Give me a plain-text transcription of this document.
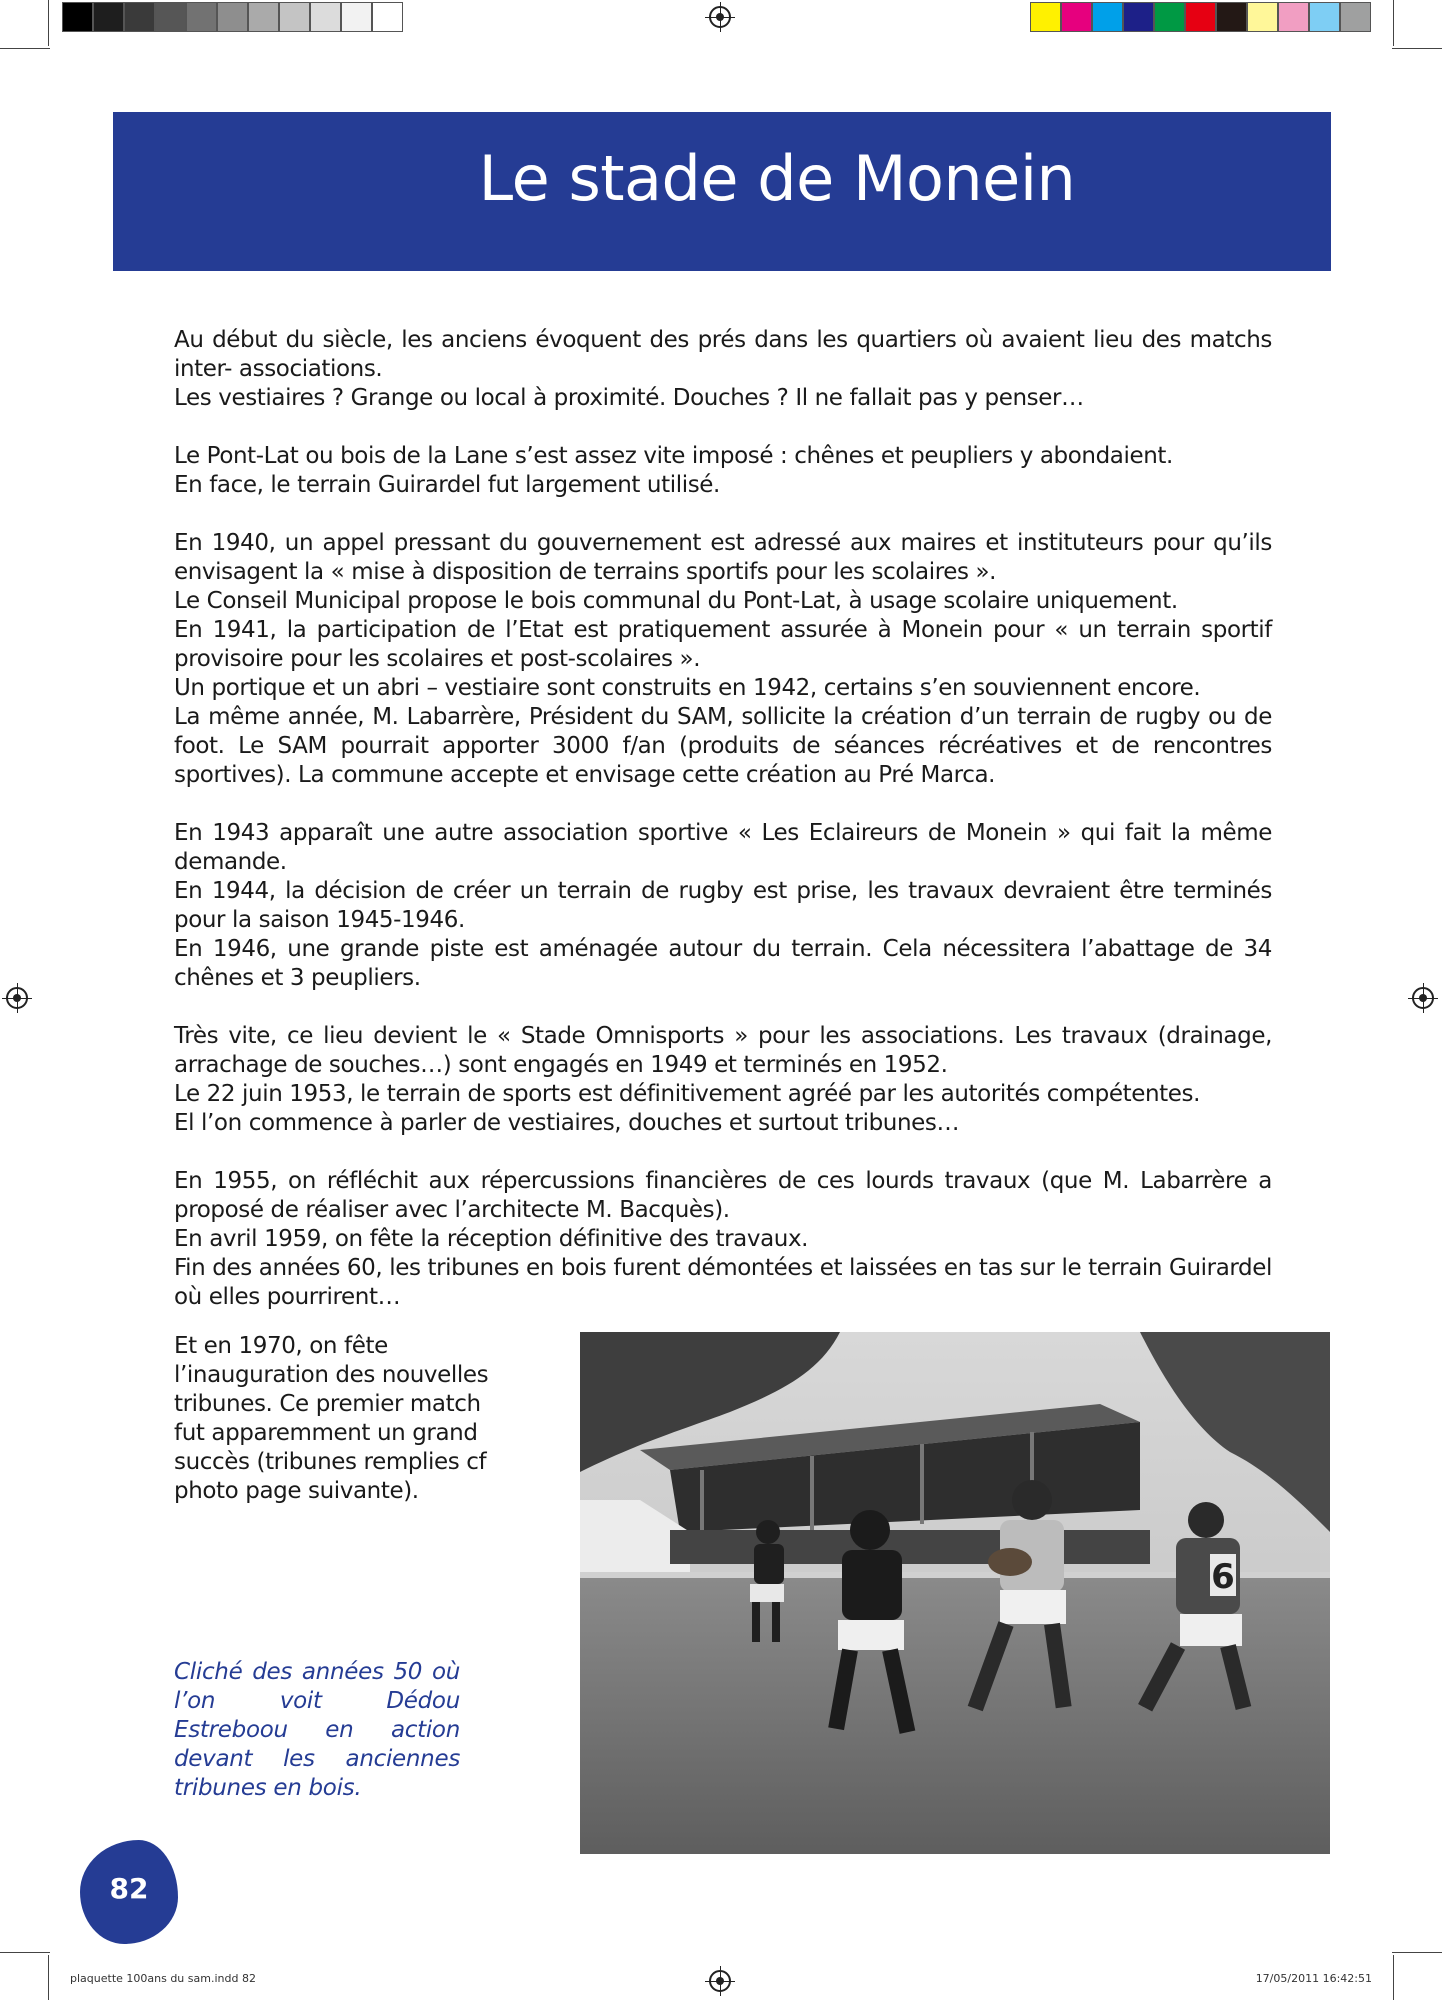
Le stade de Monein

Au début du siècle, les anciens évoquent des prés dans les quartiers où avaient lieu des matchs inter- associations.
Les vestiaires ? Grange ou local à proximité. Douches ? Il ne fallait pas y penser…

Le Pont-Lat ou bois de la Lane s’est assez vite imposé : chênes et peupliers y abondaient.
En face, le terrain Guirardel fut largement utilisé.

En 1940, un appel pressant du gouvernement est adressé aux maires et instituteurs pour qu’ils envisagent la « mise à disposition de terrains sportifs pour les scolaires ».
Le Conseil Municipal propose le bois communal du Pont-Lat, à usage scolaire uniquement.
En 1941, la participation de l’Etat est pratiquement assurée à Monein pour « un terrain sportif provisoire pour les scolaires et post-scolaires ».
Un portique et un abri – vestiaire sont construits en 1942, certains s’en souviennent encore.
La même année, M. Labarrère, Président du SAM, sollicite la création d’un terrain de rugby ou de foot. Le SAM pourrait apporter 3000 f/an (produits de séances récréatives et de rencontres sportives). La commune accepte et envisage cette création au Pré Marca.

En 1943 apparaît une autre association sportive « Les Eclaireurs de Monein » qui fait la même demande.
En 1944, la décision de créer un terrain de rugby est prise, les travaux devraient être terminés pour la saison 1945-1946.
En 1946, une grande piste est aménagée autour du terrain. Cela nécessitera l’abattage de 34 chênes et 3 peupliers.

Très vite, ce lieu devient le « Stade Omnisports » pour les associations. Les travaux (drainage, arrachage de souches…) sont engagés en 1949 et terminés en 1952.
Le 22 juin 1953, le terrain de sports est définitivement agréé par les autorités compétentes.
El l’on commence à parler de vestiaires, douches et surtout tribunes…

En 1955, on réfléchit aux répercussions financières de ces lourds travaux (que M. Labarrère a proposé de réaliser avec l’architecte M. Bacquès).
En avril 1959, on fête la réception définitive des travaux.
Fin des années 60, les tribunes en bois furent démontées et laissées en tas sur le terrain Guirardel où elles pourrirent…

Et en 1970, on fête l’inauguration des nouvelles tribunes. Ce premier match fut apparemment un grand succès (tribunes remplies cf photo page suivante).
Cliché des années 50 où l’on voit Dédou Estreboou en action devant les anciennes tribunes en bois.
6
82
plaquette 100ans du sam.indd 82	17/05/2011 16:42:51
